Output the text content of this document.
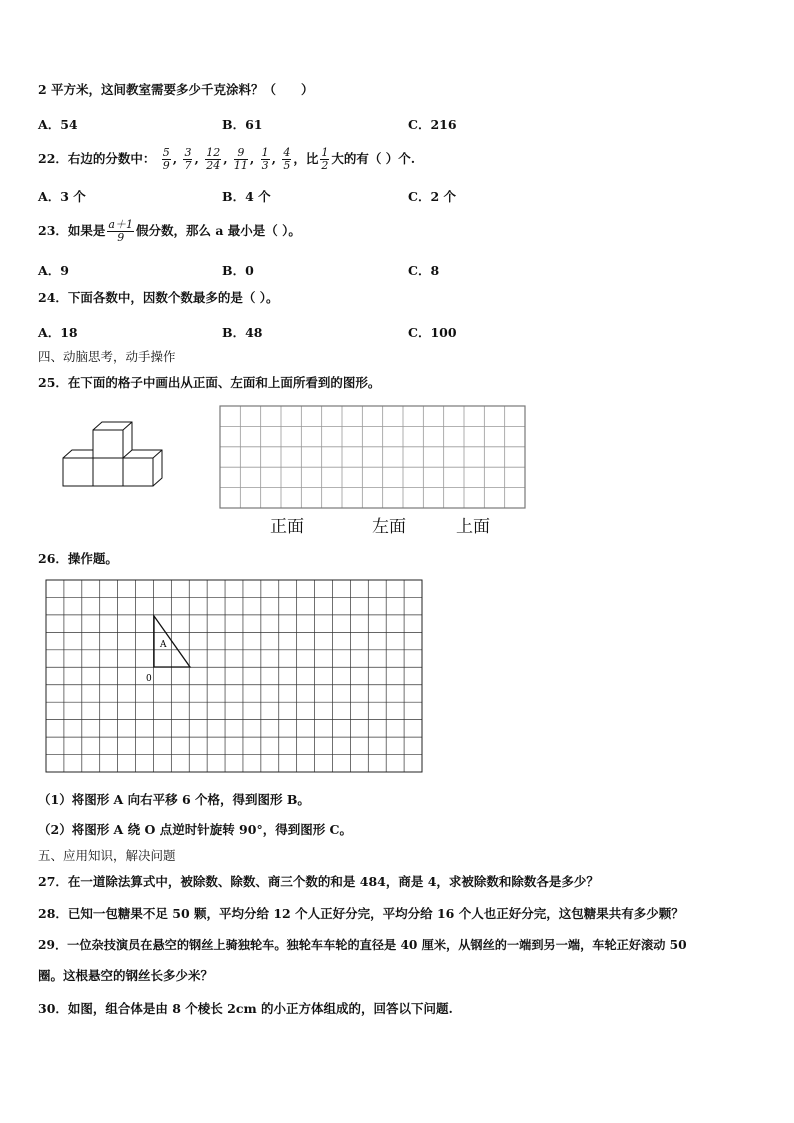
2 平方米，这间教室需要多少千克涂料？（　　）
A．54	B．61	C．216
22．右边的分数中： $\frac{5}{9}$ , $\frac{3}{7}$ , $\frac{12}{24}$ , $\frac{9}{11}$ , $\frac{1}{3}$ , $\frac{4}{5}$ ，比 $\frac{1}{2}$ 大的有（ ）个.
A．3 个	B．4 个	C．2 个
23．如果是 $\frac{a+1}{9}$ 假分数，那么 a 最小是（ ）。
A．9	B．0	C．8
24．下面各数中，因数个数最多的是（ ）。
A．18	B．48	C．100
四、动脑思考，动手操作
25．在下面的格子中画出从正面、左面和上面所看到的图形。
正面	左面	上面
26．操作题。
A
0
（1）将图形 A 向右平移 6 个格，得到图形 B。
（2）将图形 A 绕 O 点逆时针旋转 90°，得到图形 C。
五、应用知识，解决问题
27．在一道除法算式中，被除数、除数、商三个数的和是 484，商是 4，求被除数和除数各是多少？
28．已知一包糖果不足 50 颗，平均分给 12 个人正好分完，平均分给 16 个人也正好分完，这包糖果共有多少颗？
29．一位杂技演员在悬空的钢丝上骑独轮车。独轮车车轮的直径是 40 厘米，从钢丝的一端到另一端，车轮正好滚动 50
圈。这根悬空的钢丝长多少米？
30．如图，组合体是由 8 个棱长 2cm 的小正方体组成的，回答以下问题.
